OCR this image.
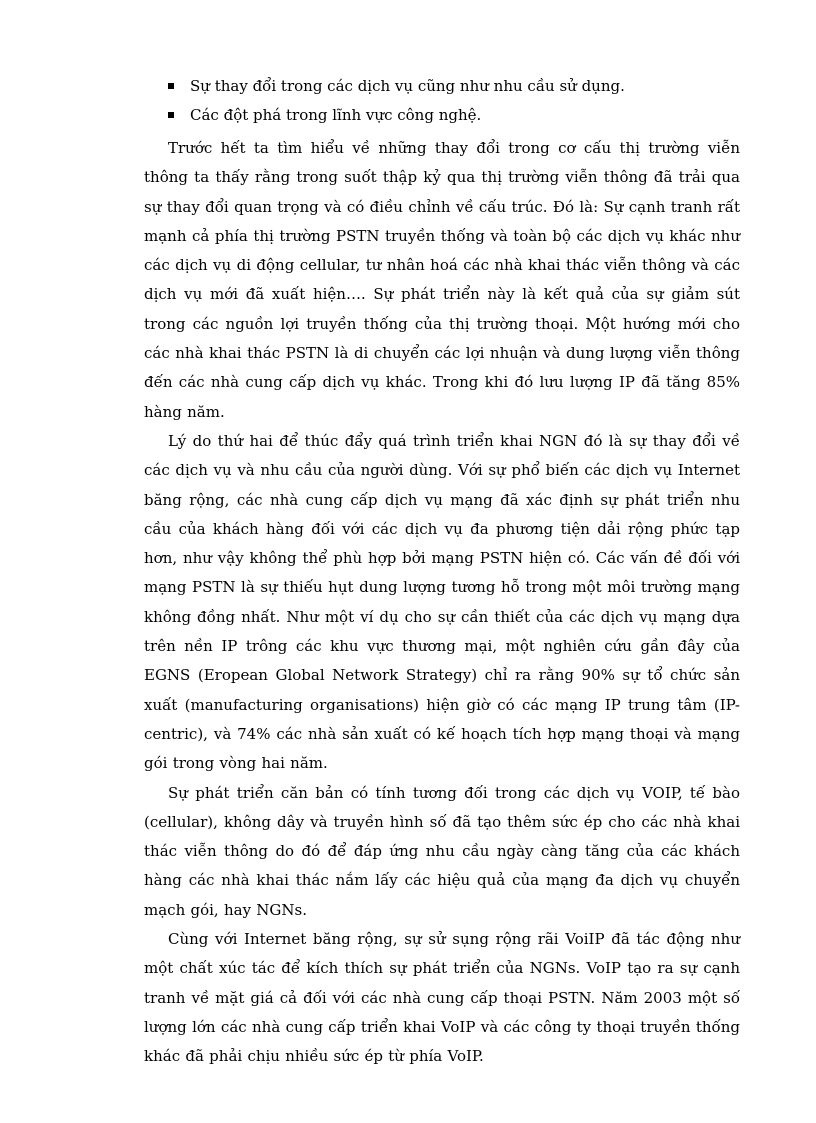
Sự thay đổi trong các dịch vụ cũng như nhu cầu sử dụng.
Các đột phá trong lĩnh vực công nghệ.

Trước hết ta tìm hiểu về những thay đổi trong cơ cấu thị trường viễn thông ta thấy rằng trong suốt thập kỷ qua thị trường viễn thông đã trải qua sự thay đổi quan trọng và có điều chỉnh về cấu trúc. Đó là: Sự cạnh tranh rất mạnh cả phía thị trường PSTN truyền thống và toàn bộ các dịch vụ khác như các dịch vụ di động cellular, tư nhân hoá các nhà khai thác viễn thông và các dịch vụ mới đã xuất hiện…. Sự phát triển này là kết quả của sự giảm sút trong các nguồn lợi truyền thống của thị trường thoại. Một hướng mới cho các nhà khai thác PSTN là di chuyển các lợi nhuận và dung lượng viễn thông đến các nhà cung cấp dịch vụ khác. Trong khi đó lưu lượng IP đã tăng 85% hàng năm.

Lý do thứ hai để thúc đẩy quá trình triển khai NGN đó là sự thay đổi về các dịch vụ và nhu cầu của người dùng. Với sự phổ biến các dịch vụ Internet băng rộng, các nhà cung cấp dịch vụ mạng đã xác định sự phát triển nhu cầu của khách hàng đối với các dịch vụ đa phương tiện dải rộng phức tạp hơn, như vậy không thể phù hợp bởi mạng PSTN hiện có. Các vấn đề đối với mạng PSTN là sự thiếu hụt dung lượng tương hỗ trong một môi trường mạng không đồng nhất. Như một ví dụ cho sự cần thiết của các dịch vụ mạng dựa trên nền IP trông các khu vực thương mại, một nghiên cứu gần đây của EGNS (Eropean Global Network Strategy) chỉ ra rằng 90% sự tổ chức sản xuất (manufacturing organisations) hiện giờ có các mạng IP trung tâm (IP-centric), và 74% các nhà sản xuất có kế hoạch tích hợp mạng thoại và mạng gói trong vòng hai năm.

Sự phát triển căn bản có tính tương đối trong các dịch vụ VOIP, tế bào (cellular), không dây và truyền hình số đã tạo thêm sức ép cho các nhà khai thác viễn thông do đó để đáp ứng nhu cầu ngày càng tăng của các khách hàng các nhà khai thác nắm lấy các hiệu quả của mạng đa dịch vụ chuyển mạch gói, hay NGNs.

Cùng với Internet băng rộng, sự sử sụng rộng rãi VoiIP đã tác động như một chất xúc tác để kích thích sự phát triển của NGNs. VoIP tạo ra sự cạnh tranh về mặt giá cả đối với các nhà cung cấp thoại PSTN. Năm 2003 một số lượng lớn các nhà cung cấp triển khai VoIP và các công ty thoại truyền thống khác đã phải chịu nhiều sức ép từ phía VoIP.
